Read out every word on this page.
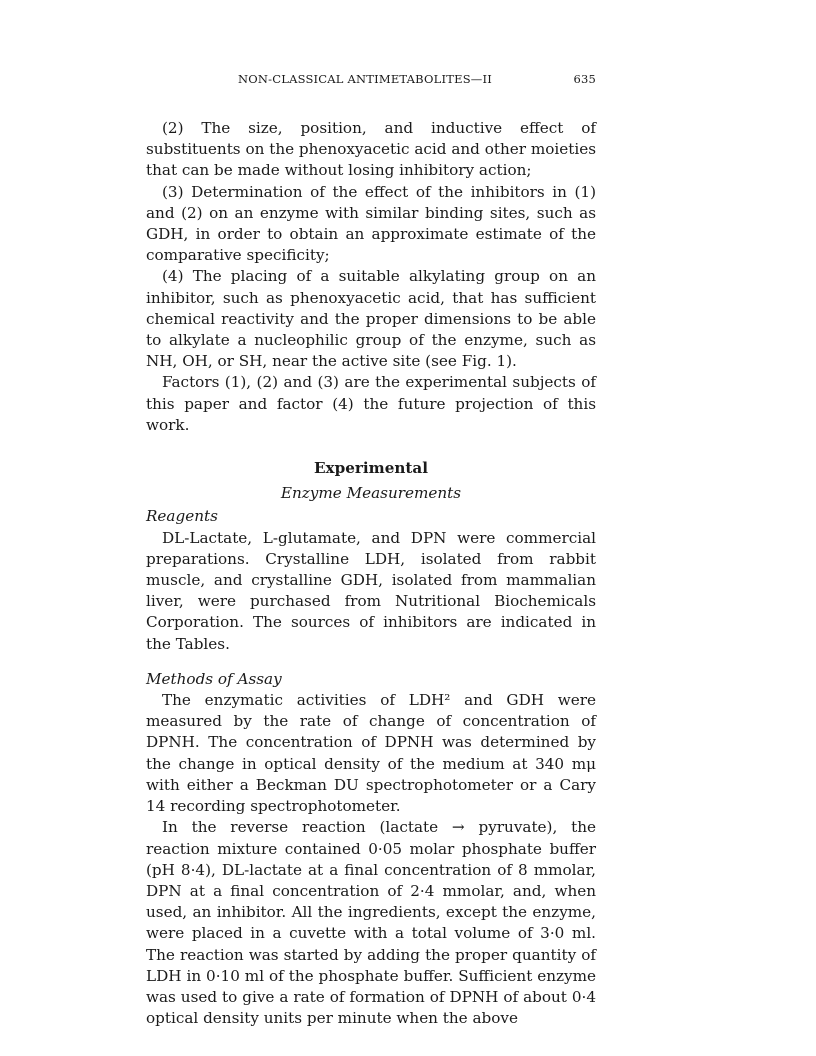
NON-CLASSICAL ANTIMETABOLITES—II	635

(2) The size, position, and inductive effect of substituents on the phenoxyacetic acid and other moieties that can be made without losing inhibitory action;

(3) Determination of the effect of the inhibitors in (1) and (2) on an enzyme with similar binding sites, such as GDH, in order to obtain an approximate estimate of the comparative specificity;

(4) The placing of a suitable alkylating group on an inhibitor, such as phenoxyacetic acid, that has sufficient chemical reactivity and the proper dimensions to be able to alkylate a nucleophilic group of the enzyme, such as NH, OH, or SH, near the active site (see Fig. 1).

Factors (1), (2) and (3) are the experimental subjects of this paper and factor (4) the future projection of this work.

Experimental
Enzyme Measurements
Reagents

DL-Lactate, L-glutamate, and DPN were commercial preparations. Crystalline LDH, isolated from rabbit muscle, and crystalline GDH, isolated from mammalian liver, were purchased from Nutritional Biochemicals Corporation. The sources of inhibitors are indicated in the Tables.

Methods of Assay

The enzymatic activities of LDH² and GDH were measured by the rate of change of concentration of DPNH. The concentration of DPNH was determined by the change in optical density of the medium at 340 mμ with either a Beckman DU spectrophotometer or a Cary 14 recording spectrophotometer.

In the reverse reaction (lactate → pyruvate), the reaction mixture contained 0·05 molar phosphate buffer (pH 8·4), DL-lactate at a final concentration of 8 mmolar, DPN at a final concentration of 2·4 mmolar, and, when used, an inhibitor. All the ingredients, except the enzyme, were placed in a cuvette with a total volume of 3·0 ml. The reaction was started by adding the proper quantity of LDH in 0·10 ml of the phosphate buffer. Sufficient enzyme was used to give a rate of formation of DPNH of about 0·4 optical density units per minute when the above
